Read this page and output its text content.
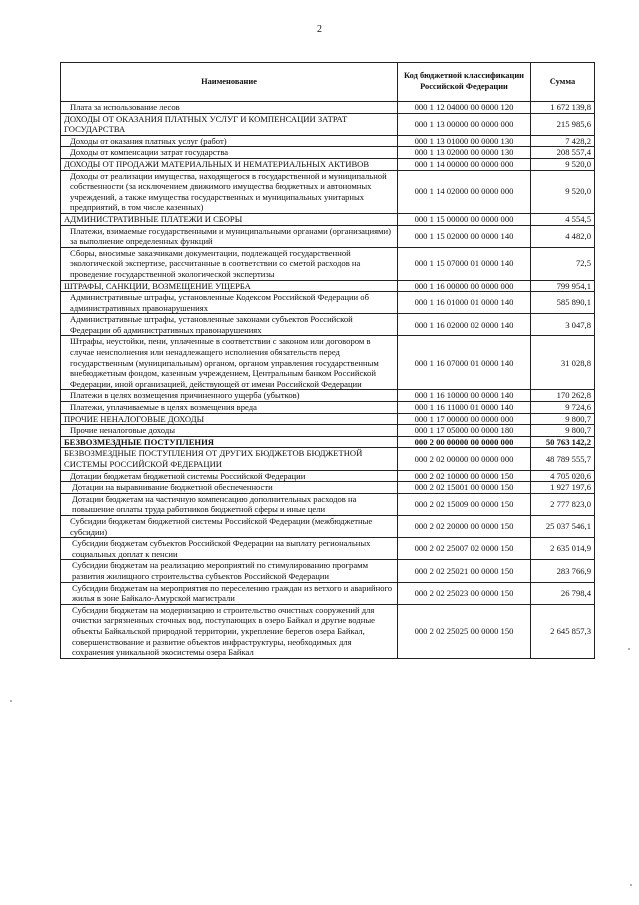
2
Наименование	Код бюджетной классификации Российской Федерации	Сумма
Плата за использование лесов	000 1 12 04000 00 0000 120	1 672 139,8
ДОХОДЫ ОТ ОКАЗАНИЯ ПЛАТНЫХ УСЛУГ И КОМПЕНСАЦИИ ЗАТРАТ ГОСУДАРСТВА	000 1 13 00000 00 0000 000	215 985,6
Доходы от оказания платных услуг (работ)	000 1 13 01000 00 0000 130	7 428,2
Доходы от компенсации затрат государства	000 1 13 02000 00 0000 130	208 557,4
ДОХОДЫ ОТ ПРОДАЖИ МАТЕРИАЛЬНЫХ И НЕМАТЕРИАЛЬНЫХ АКТИВОВ	000 1 14 00000 00 0000 000	9 520,0
Доходы от реализации имущества, находящегося в государственной и муниципальной собственности (за исключением движимого имущества бюджетных и автономных учреждений, а также имущества государственных и муниципальных унитарных предприятий, в том числе казенных)	000 1 14 02000 00 0000 000	9 520,0
АДМИНИСТРАТИВНЫЕ ПЛАТЕЖИ И СБОРЫ	000 1 15 00000 00 0000 000	4 554,5
Платежи, взимаемые государственными и муниципальными органами (организациями) за выполнение определенных функций	000 1 15 02000 00 0000 140	4 482,0
Сборы, вносимые заказчиками документации, подлежащей государственной экологической экспертизе, рассчитанные в соответствии со сметой расходов на проведение государственной экологической экспертизы	000 1 15 07000 01 0000 140	72,5
ШТРАФЫ, САНКЦИИ, ВОЗМЕЩЕНИЕ УЩЕРБА	000 1 16 00000 00 0000 000	799 954,1
Административные штрафы, установленные Кодексом Российской Федерации об административных правонарушениях	000 1 16 01000 01 0000 140	585 890,1
Административные штрафы, установленные законами субъектов Российской Федерации об административных правонарушениях	000 1 16 02000 02 0000 140	3 047,8
Штрафы, неустойки, пени, уплаченные в соответствии с законом или договором в случае неисполнения или ненадлежащего исполнения обязательств перед государственным (муниципальным) органом, органом управления государственным внебюджетным фондом, казенным учреждением, Центральным банком Российской Федерации, иной организацией, действующей от имени Российской Федерации	000 1 16 07000 01 0000 140	31 028,8
Платежи в целях возмещения причиненного ущерба (убытков)	000 1 16 10000 00 0000 140	170 262,8
Платежи, уплачиваемые в целях возмещения вреда	000 1 16 11000 01 0000 140	9 724,6
ПРОЧИЕ НЕНАЛОГОВЫЕ ДОХОДЫ	000 1 17 00000 00 0000 000	9 800,7
Прочие неналоговые доходы	000 1 17 05000 00 0000 180	9 800,7
БЕЗВОЗМЕЗДНЫЕ ПОСТУПЛЕНИЯ	000 2 00 00000 00 0000 000	50 763 142,2
БЕЗВОЗМЕЗДНЫЕ ПОСТУПЛЕНИЯ ОТ ДРУГИХ БЮДЖЕТОВ БЮДЖЕТНОЙ СИСТЕМЫ РОССИЙСКОЙ ФЕДЕРАЦИИ	000 2 02 00000 00 0000 000	48 789 555,7
Дотации бюджетам бюджетной системы Российской Федерации	000 2 02 10000 00 0000 150	4 705 020,6
Дотации на выравнивание бюджетной обеспеченности	000 2 02 15001 00 0000 150	1 927 197,6
Дотации бюджетам на частичную компенсацию дополнительных расходов на повышение оплаты труда работников бюджетной сферы и иные цели	000 2 02 15009 00 0000 150	2 777 823,0
Субсидии бюджетам бюджетной системы Российской Федерации (межбюджетные субсидии)	000 2 02 20000 00 0000 150	25 037 546,1
Субсидии бюджетам субъектов Российской Федерации на выплату региональных социальных доплат к пенсии	000 2 02 25007 02 0000 150	2 635 014,9
Субсидии бюджетам на реализацию мероприятий по стимулированию программ развития жилищного строительства субъектов Российской Федерации	000 2 02 25021 00 0000 150	283 766,9
Субсидии бюджетам на мероприятия по переселению граждан из ветхого и аварийного жилья в зоне Байкало-Амурской магистрали	000 2 02 25023 00 0000 150	26 798,4
Субсидии бюджетам на модернизацию и строительство очистных сооружений для очистки загрязненных сточных вод, поступающих в озеро Байкал и другие водные объекты Байкальской природной территории, укрепление берегов озера Байкал, совершенствование и развитие объектов инфраструктуры, необходимых для сохранения уникальной экосистемы озера Байкал	000 2 02 25025 00 0000 150	2 645 857,3
